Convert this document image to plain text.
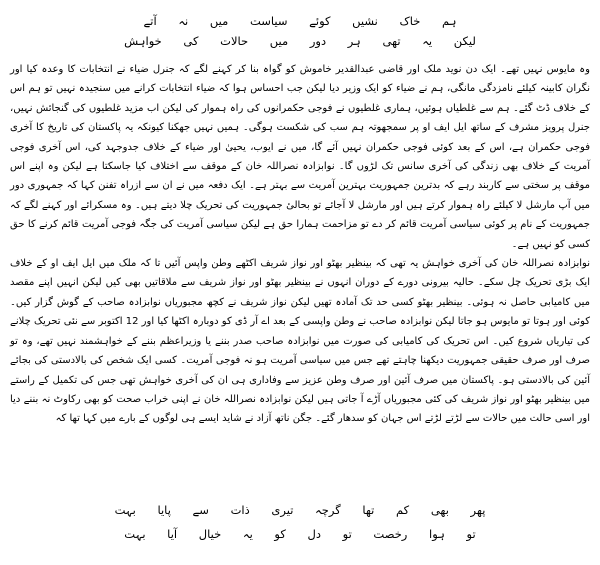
ہم خاک نشیں کوئے سیاست میں نہ آتے
لیکن یہ تھی ہر دور میں حالات کی خواہش

وہ مایوس نہیں تھے۔ ایک دن نوید ملک اور قاضی عبدالقدیر خاموش کو گواہ بنا کر کہنے لگے کہ جنرل ضیاء نے انتخابات کا وعدہ کیا اور نگران کابینہ کیلئے نامزدگی مانگی، ہم نے ضیاء کو ایک وزیر دیا لیکن جب احساس ہوا کہ ضیاء انتخابات کرانے میں سنجیدہ نہیں تو ہم اس کے خلاف ڈٹ گئے۔ ہم سے غلطیاں ہوئیں، ہماری غلطیوں نے فوجی حکمرانوں کی راہ ہموار کی لیکن اب مزید غلطیوں کی گنجائش نہیں، جنرل پرویز مشرف کے ساتھ ایل ایف او پر سمجھوتہ ہم سب کی شکست ہوگی۔ ہمیں نہیں جھکنا کیونکہ یہ پاکستان کی تاریخ کا آخری فوجی حکمران ہے، اس کے بعد کوئی فوجی حکمران نہیں آئے گا، میں نے ایوب، یحییٰ اور ضیاء کے خلاف جدوجہد کی، اس آخری فوجی آمریت کے خلاف بھی زندگی کی آخری سانس تک لڑوں گا۔ نوابزادہ نصراللہ خان کے موقف سے اختلاف کیا جاسکتا ہے لیکن وہ اپنے اس موقف پر سختی سے کاربند رہے کہ بدترین جمہوریت بہترین آمریت سے بہتر ہے۔ ایک دفعہ میں نے ان سے ازراہ تفنن کہا کہ جمہوری دور میں آپ مارشل لا کیلئے راہ ہموار کرتے ہیں اور مارشل لا آجائے تو بحالیٔ جمہوریت کی تحریک چلا دیتے ہیں۔ وہ مسکرائے اور کہنے لگے کہ جمہوریت کے نام پر کوئی سیاسی آمریت قائم کر دے تو مزاحمت ہمارا حق ہے لیکن سیاسی آمریت کی جگہ فوجی آمریت قائم کرنے کا حق کسی کو نہیں ہے۔

نوابزادہ نصراللہ خان کی آخری خواہش یہ تھی کہ بینظیر بھٹو اور نواز شریف اکٹھے وطن واپس آئیں تا کہ ملک میں ایل ایف او کے خلاف ایک بڑی تحریک چل سکے۔ حالیہ بیرونی دورے کے دوران انہوں نے بینظیر بھٹو اور نواز شریف سے ملاقاتیں بھی کیں لیکن انہیں اپنے مقصد میں کامیابی حاصل نہ ہوئی۔ بینظیر بھٹو کسی حد تک آمادہ تھیں لیکن نواز شریف نے کچھ مجبوریاں نوابزادہ صاحب کے گوش گزار کیں۔ کوئی اور ہوتا تو مایوس ہو جاتا لیکن نوابزادہ صاحب نے وطن واپسی کے بعد اے آر ڈی کو دوبارہ اکٹھا کیا اور 12 اکتوبر سے نئی تحریک چلانے کی تیاریاں شروع کیں۔ اس تحریک کی کامیابی کی صورت میں نوابزادہ صاحب صدر بننے یا وزیراعظم بننے کے خواہشمند نہیں تھے، وہ تو صرف اور صرف حقیقی جمہوریت دیکھنا چاہتے تھے جس میں سیاسی آمریت ہو نہ فوجی آمریت۔ کسی ایک شخص کی بالادستی کی بجائے آئین کی بالادستی ہو۔ پاکستان میں صرف آئین اور صرف وطن عزیز سے وفاداری ہی ان کی آخری خواہش تھی جس کی تکمیل کے راستے میں بینظیر بھٹو اور نواز شریف کی کئی مجبوریاں آڑے آ جاتی ہیں لیکن نوابزادہ نصراللہ خان نے اپنی خراب صحت کو بھی رکاوٹ نہ بننے دیا اور اسی حالت میں حالات سے لڑتے لڑتے اس جہان کو سدھار گئے۔ جگن ناتھ آزاد نے شاید ایسے ہی لوگوں کے بارے میں کہا تھا کہ

پھر بھی کم تھا گرچہ تیری ذات سے پایا بہت
تو ہوا رخصت تو دل کو یہ خیال آیا بہت
